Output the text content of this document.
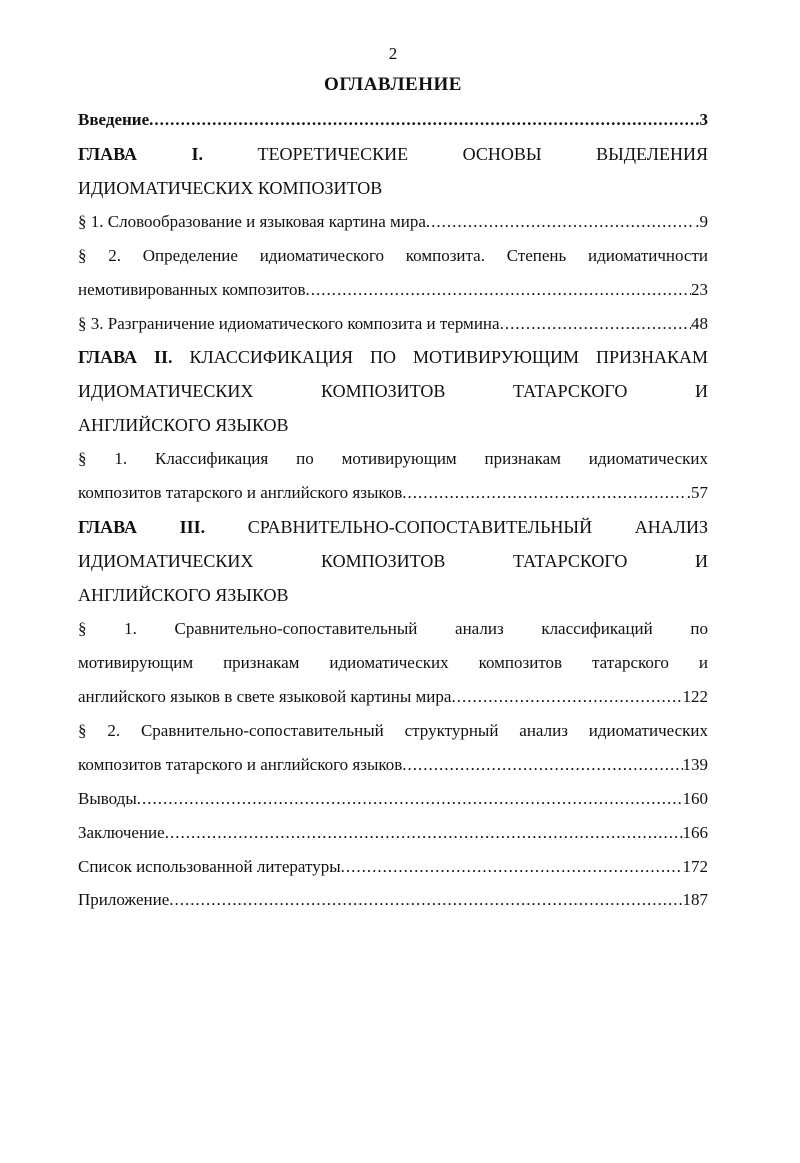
2
ОГЛАВЛЕНИЕ
Введение .....	.3
ГЛАВА	I.	ТЕОРЕТИЧЕСКИЕ	ОСНОВЫ	ВЫДЕЛЕНИЯ
ИДИОМАТИЧЕСКИХ КОМПОЗИТОВ
§ 1. Словообразование и языковая картина мира .....	.9
§ 2. Определение идиоматического композита. Степень идиоматичности
немотивированных композитов .....	23
§ 3. Разграничение идиоматического композита и термина .....	48
ГЛАВА II. КЛАССИФИКАЦИЯ ПО МОТИВИРУЮЩИМ ПРИЗНАКАМ
ИДИОМАТИЧЕСКИХ	КОМПОЗИТОВ	ТАТАРСКОГО	И
АНГЛИЙСКОГО ЯЗЫКОВ
§ 1. Классификация по мотивирующим признакам идиоматических
композитов татарского и английского языков .....	.57
ГЛАВА III. СРАВНИТЕЛЬНО-СОПОСТАВИТЕЛЬНЫЙ АНАЛИЗ
ИДИОМАТИЧЕСКИХ	КОМПОЗИТОВ	ТАТАРСКОГО	И
АНГЛИЙСКОГО ЯЗЫКОВ
§ 1. Сравнительно-сопоставительный анализ классификаций по
мотивирующим признакам идиоматических композитов татарского и
английского языков в свете языковой картины мира .....	122
§ 2. Сравнительно-сопоставительный структурный анализ идиоматических
композитов татарского и английского языков .....	139
Выводы .....	160
Заключение .....	166
Список использованной литературы .....	172
Приложение .....	187
